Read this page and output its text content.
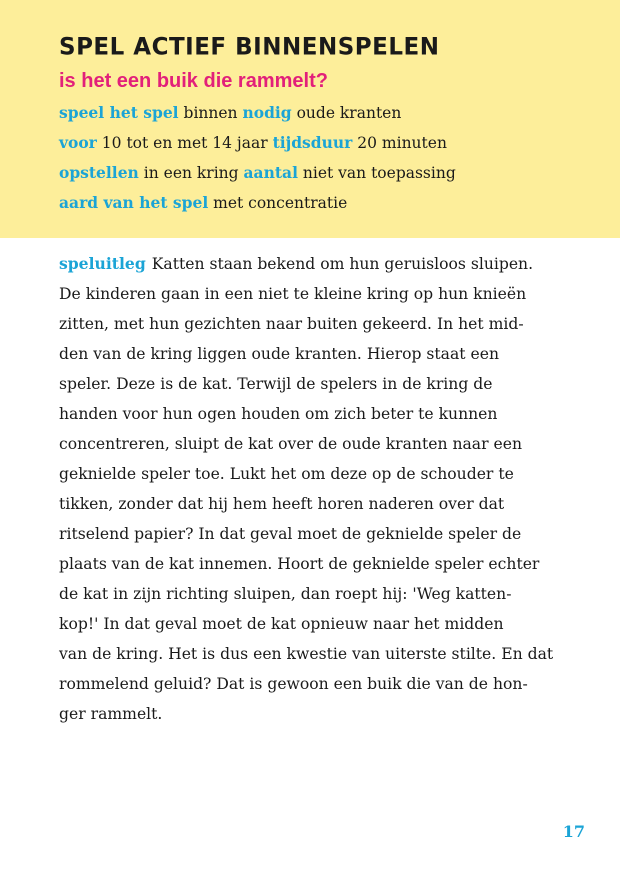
SPEL ACTIEF BINNENSPELEN
is het een buik die rammelt?
speel het spel binnen nodig oude kranten
voor 10 tot en met 14 jaar tijdsduur 20 minuten
opstellen in een kring aantal niet van toepassing
aard van het spel met concentratie
speluitleg Katten staan bekend om hun geruisloos sluipen.
De kinderen gaan in een niet te kleine kring op hun knieën
zitten, met hun gezichten naar buiten gekeerd. In het mid-
den van de kring liggen oude kranten. Hierop staat een
speler. Deze is de kat. Terwijl de spelers in de kring de
handen voor hun ogen houden om zich beter te kunnen
concentreren, sluipt de kat over de oude kranten naar een
geknielde speler toe. Lukt het om deze op de schouder te
tikken, zonder dat hij hem heeft horen naderen over dat
ritselend papier? In dat geval moet de geknielde speler de
plaats van de kat innemen. Hoort de geknielde speler echter
de kat in zijn richting sluipen, dan roept hij: 'Weg katten-
kop!' In dat geval moet de kat opnieuw naar het midden
van de kring. Het is dus een kwestie van uiterste stilte. En dat
rommelend geluid? Dat is gewoon een buik die van de hon-
ger rammelt.
17
